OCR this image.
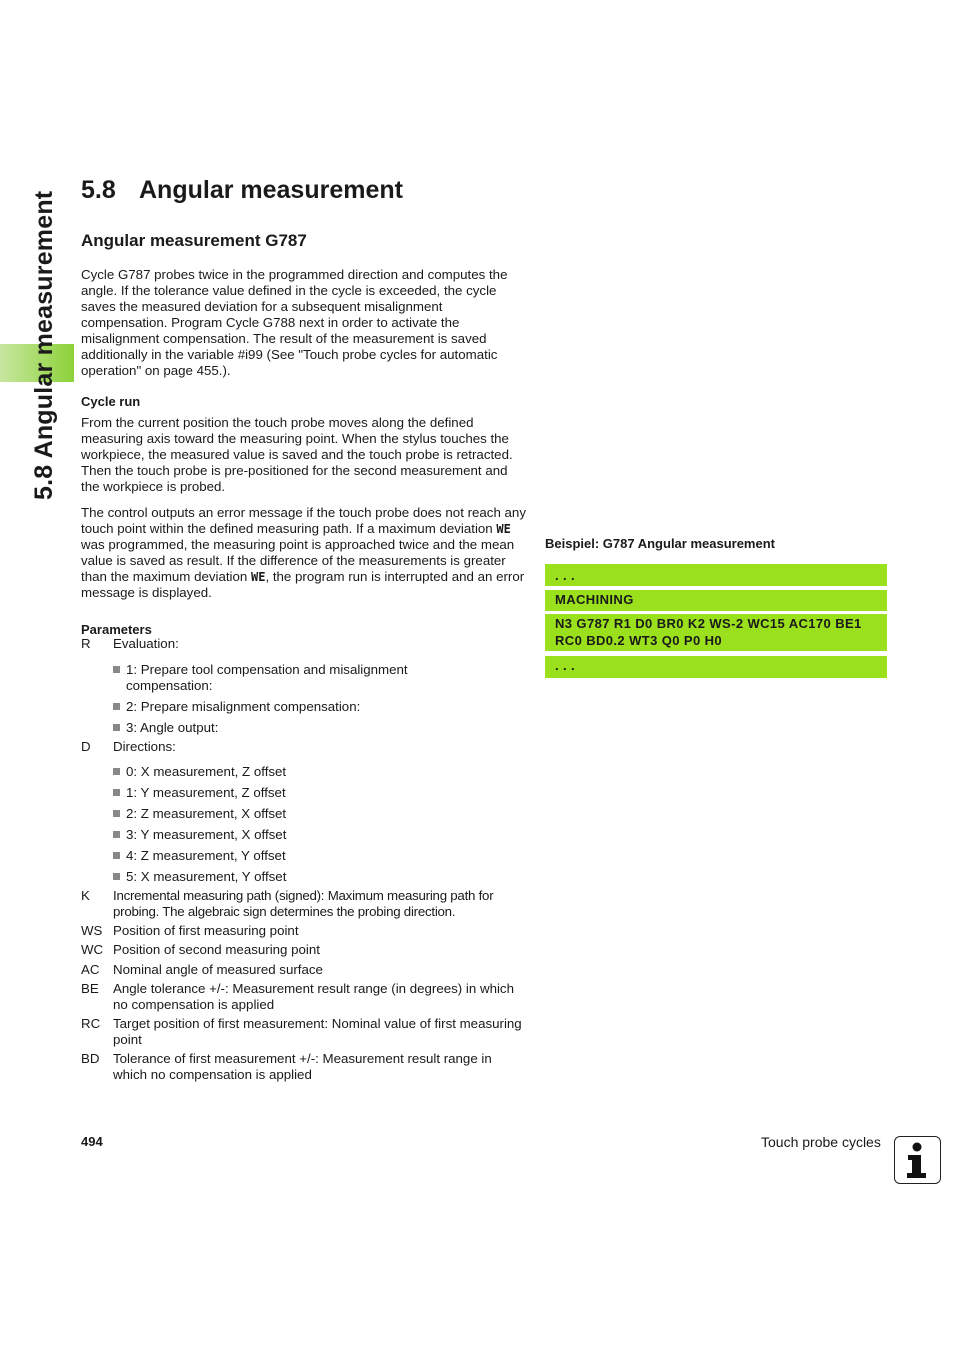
5.8 Angular measurement
5.8 Angular measurement
Angular measurement G787
Cycle G787 probes twice in the programmed direction and computes the angle. If the tolerance value defined in the cycle is exceeded, the cycle saves the measured deviation for a subsequent misalignment compensation. Program Cycle G788 next in order to activate the misalignment compensation. The result of the measurement is saved additionally in the variable #i99 (See "Touch probe cycles for automatic operation" on page 455.).
Cycle run
From the current position the touch probe moves along the defined measuring axis toward the measuring point. When the stylus touches the workpiece, the measured value is saved and the touch probe is retracted. Then the touch probe is pre-positioned for the second measurement and the workpiece is probed.
The control outputs an error message if the touch probe does not reach any touch point within the defined measuring path. If a maximum deviation WE was programmed, the measuring point is approached twice and the mean value is saved as result. If the difference of the measurements is greater than the maximum deviation WE, the program run is interrupted and an error message is displayed.
Parameters
R	Evaluation:
1: Prepare tool compensation and misalignment compensation:
2: Prepare misalignment compensation:
3: Angle output:
D	Directions:
0: X measurement, Z offset
1: Y measurement, Z offset
2: Z measurement, X offset
3: Y measurement, X offset
4: Z measurement, Y offset
5: X measurement, Y offset
K	Incremental measuring path (signed): Maximum measuring path for probing. The algebraic sign determines the probing direction.
WS Position of first measuring point
WC Position of second measuring point
AC	Nominal angle of measured surface
BE	Angle tolerance +/-: Measurement result range (in degrees) in which no compensation is applied
RC Target position of first measurement: Nominal value of first measuring point
BD	Tolerance of first measurement +/-: Measurement result range in which no compensation is applied
Beispiel: G787 Angular measurement
. . .
MACHINING
N3 G787 R1 D0 BR0 K2 WS-2 WC15 AC170 BE1
RC0 BD0.2 WT3 Q0 P0 H0
. . .
494	Touch probe cycles
